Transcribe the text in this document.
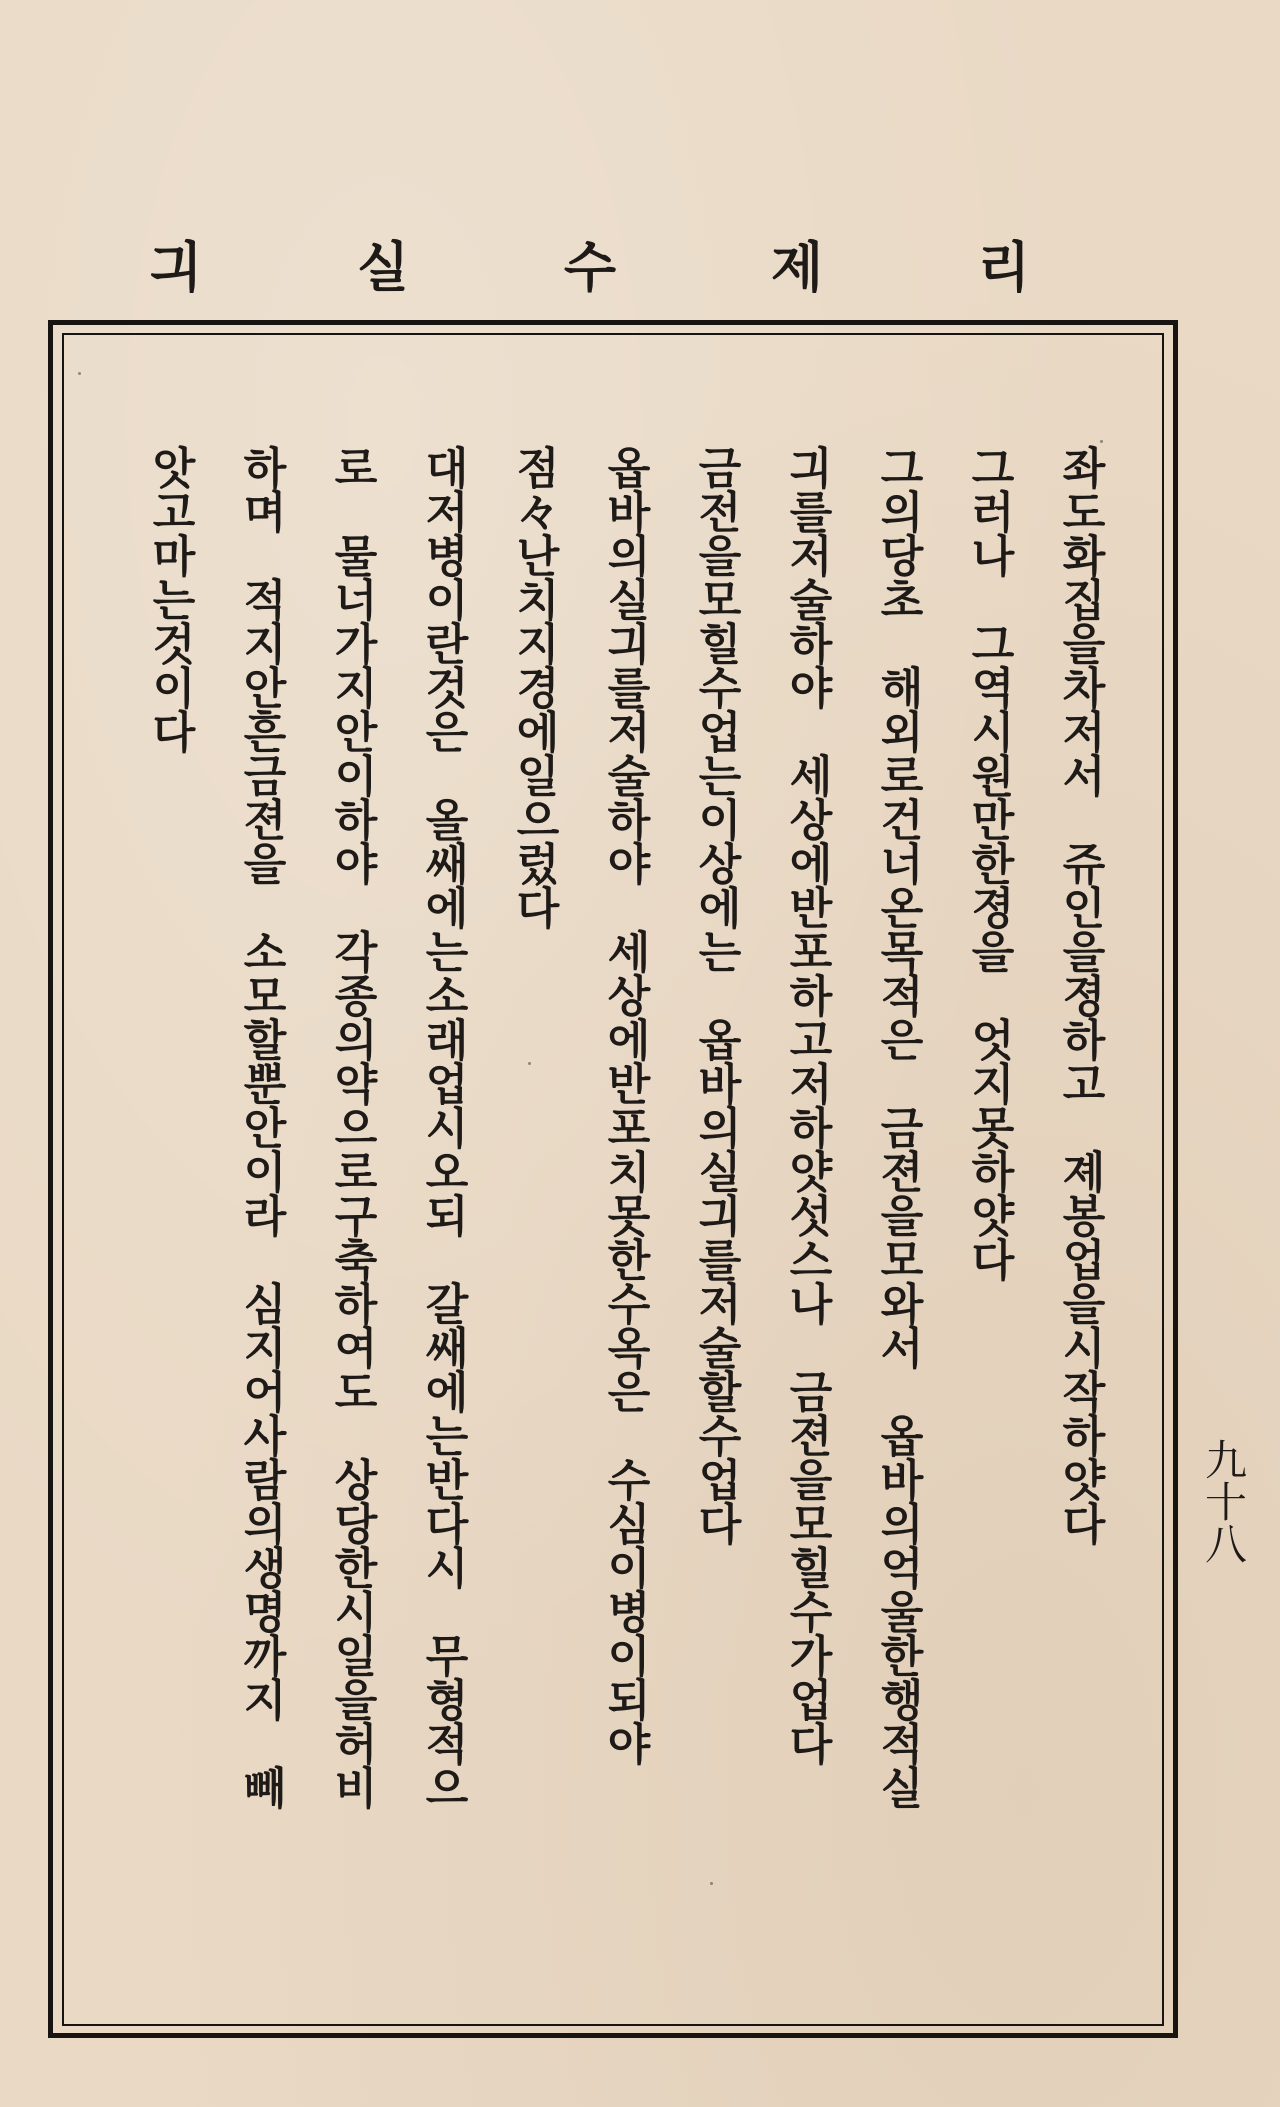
리
제
수
실
긔
좌도화집을차저서　쥬인을졍하고　졔봉업을시작하얏다
그러나　그역시원만한졍을　엇지못하얏다
그의당초　해외로건너온목적은　금젼을모와서　옵바의억울한행적실
긔를저술하야　세상에반포하고저하얏섯스나　금젼을모힐수가업다
금전을모힐수업는이상에는　옵바의실긔를저술할수업다
옵바의실긔를저술하야　세상에반포치못한수옥은　수심이병이되야
점々난치지경에일으렀다
대저병이란것은　올쌔에는소래업시오되　갈쌔에는반다시　무형적으
로　물너가지안이하야　각종의약으로구축하여도　상당한시일을허비
하며　적지안흔금젼을　소모할뿐안이라　심지어사람의생명까지　빼
앗고마는것이다
九十八
